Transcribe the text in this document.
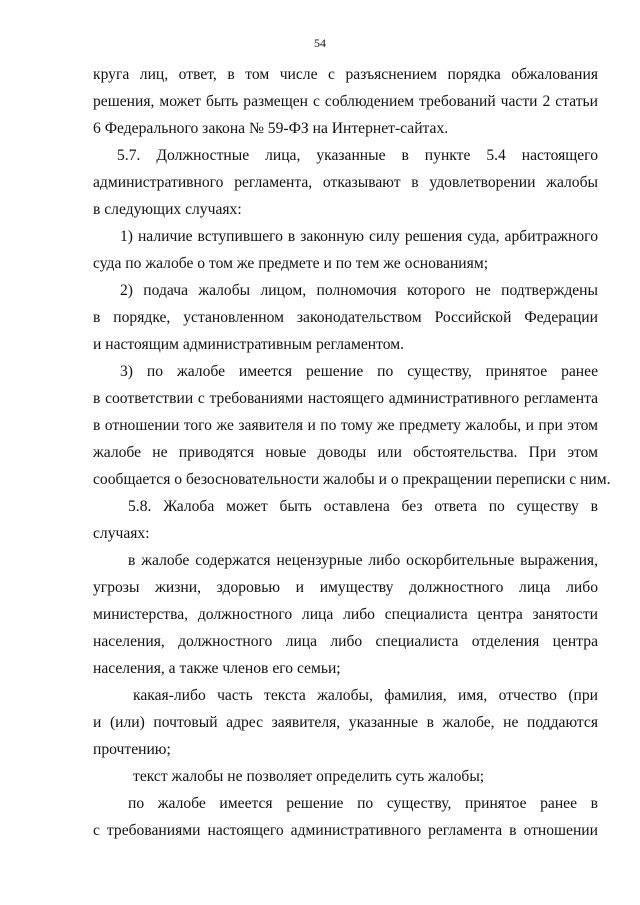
54
круга лиц, ответ, в том числе с разъяснением порядка обжалования
решения, может быть размещен с соблюдением требований части 2 статьи
6 Федерального закона № 59-ФЗ на Интернет-сайтах.
5.7. Должностные лица, указанные в пункте 5.4 настоящего
административного регламента, отказывают в удовлетворении жалобы
в следующих случаях:
1) наличие вступившего в законную силу решения суда, арбитражного
суда по жалобе о том же предмете и по тем же основаниям;
2) подача жалобы лицом, полномочия которого не подтверждены
в порядке, установленном законодательством Российской Федерации
и настоящим административным регламентом.
3) по жалобе имеется решение по существу, принятое ранее
в соответствии с требованиями настоящего административного регламента
в отношении того же заявителя и по тому же предмету жалобы, и при этом
жалобе не приводятся новые доводы или обстоятельства. При этом
сообщается о безосновательности жалобы и о прекращении переписки с ним.
5.8. Жалоба может быть оставлена без ответа по существу в
случаях:
в жалобе содержатся нецензурные либо оскорбительные выражения,
угрозы жизни, здоровью и имуществу должностного лица либо
министерства, должностного лица либо специалиста центра занятости
населения, должностного лица либо специалиста отделения центра
населения, а также членов его семьи;
какая-либо часть текста жалобы, фамилия, имя, отчество (при
и (или) почтовый адрес заявителя, указанные в жалобе, не поддаются
прочтению;
текст жалобы не позволяет определить суть жалобы;
по жалобе имеется решение по существу, принятое ранее в
с требованиями настоящего административного регламента в отношении
